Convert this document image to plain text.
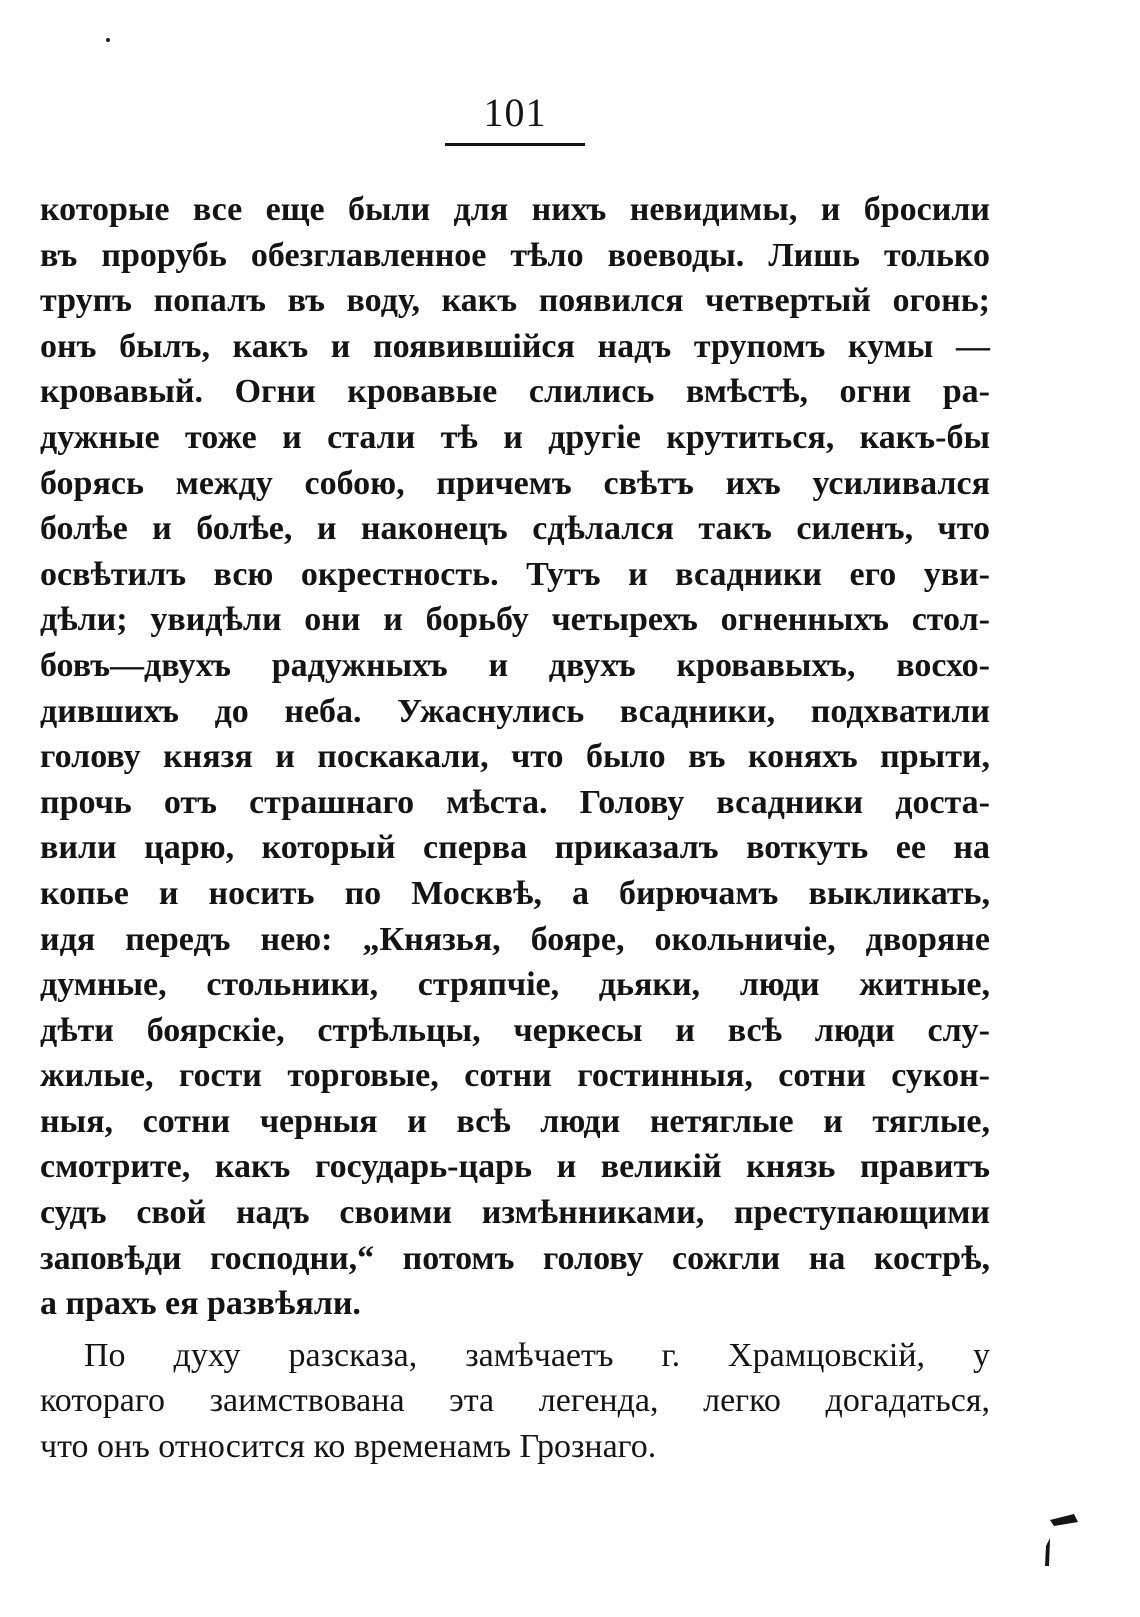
101
которые все еще были для нихъ невидимы, и бросили
въ прорубь обезглавленное тѣло воеводы. Лишь только
трупъ попалъ въ воду, какъ появился четвертый огонь;
онъ былъ, какъ и появившійся надъ трупомъ кумы —
кровавый. Огни кровавые слились вмѣстѣ, огни ра-
дужные тоже и стали тѣ и другіе крутиться, какъ-бы
борясь между собою, причемъ свѣтъ ихъ усиливался
болѣе и болѣе, и наконецъ сдѣлался такъ силенъ, что
освѣтилъ всю окрестность. Тутъ и всадники его уви-
дѣли; увидѣли они и борьбу четырехъ огненныхъ стол-
бовъ—двухъ радужныхъ и двухъ кровавыхъ, восхо-
дившихъ до неба. Ужаснулись всадники, подхватили
голову князя и поскакали, что было въ коняхъ прыти,
прочь отъ страшнаго мѣста. Голову всадники доста-
вили царю, который сперва приказалъ воткуть ее на
копье и носить по Москвѣ, а бирючамъ выкликать,
идя передъ нею: „Князья, бояре, окольничіе, дворяне
думные, стольники, стряпчіе, дьяки, люди житные,
дѣти боярскіе, стрѣльцы, черкесы и всѣ люди слу-
жилые, гости торговые, сотни гостинныя, сотни сукон-
ныя, сотни черныя и всѣ люди нетяглые и тяглые,
смотрите, какъ государь-царь и великій князь правитъ
судъ свой надъ своими измѣнниками, преступающими
заповѣди господни,“ потомъ голову сожгли на кострѣ,
а прахъ ея развѣяли.
По духу разсказа, замѣчаетъ г. Храмцовскій, у
котораго заимствована эта легенда, легко догадаться,
что онъ относится ко временамъ Грознаго.
